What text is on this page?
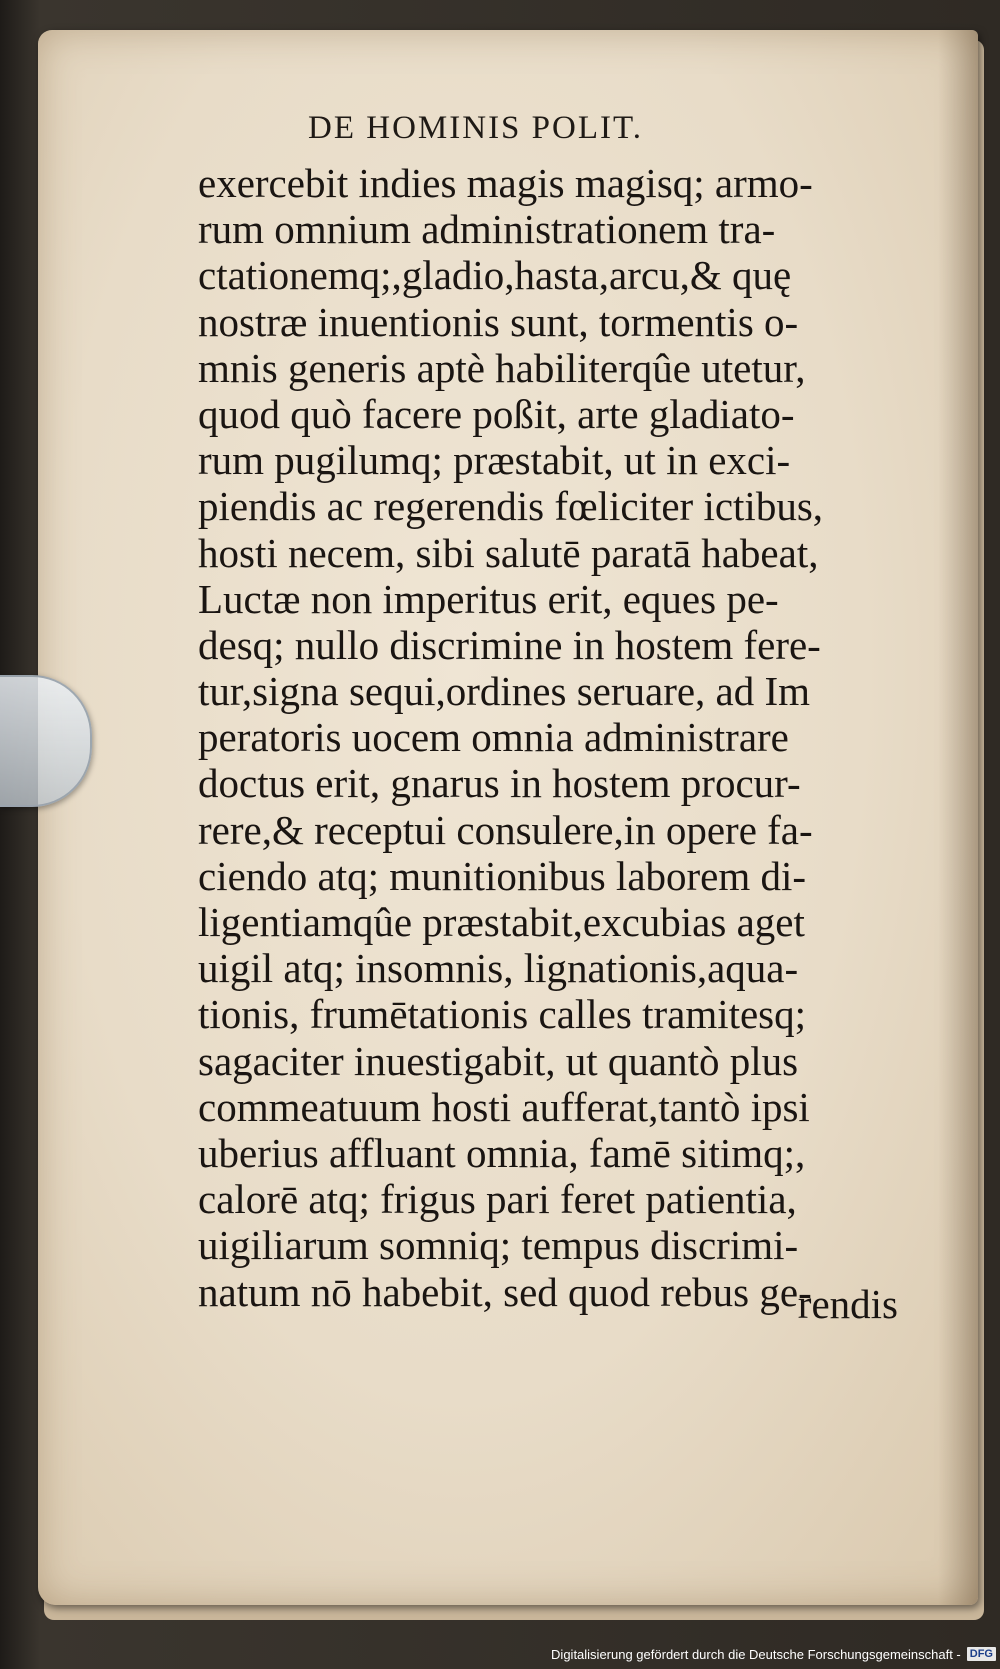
DE HOMINIS POLIT.
exercebit indies magis magisq; armo-
rum omnium administrationem tra-
ctationemq;,gladio,hasta,arcu,& quę
nostræ inuentionis sunt, tormentis o-
mnis generis aptè habiliterqûe utetur,
quod quò facere poßit, arte gladiato-
rum pugilumq; præstabit, ut in exci-
piendis ac regerendis fœliciter ictibus,
hosti necem, sibi salutē paratā habeat,
Luctæ non imperitus erit, eques pe-
desq; nullo discrimine in hostem fere-
tur,signa sequi,ordines seruare, ad Im
peratoris uocem omnia administrare
doctus erit, gnarus in hostem procur-
rere,& receptui consulere,in opere fa-
ciendo atq; munitionibus laborem di-
ligentiamqûe præstabit,excubias aget
uigil atq; insomnis, lignationis,aqua-
tionis, frumētationis calles tramitesq;
sagaciter inuestigabit, ut quantò plus
commeatuum hosti aufferat,tantò ipsi
uberius affluant omnia, famē sitimq;,
calorē atq; frigus pari feret patientia,
uigiliarum somniq; tempus discrimi-
natum nō habebit, sed quod rebus ge-
rendis
Digitalisierung gefördert durch die Deutsche Forschungsgemeinschaft - DFG
